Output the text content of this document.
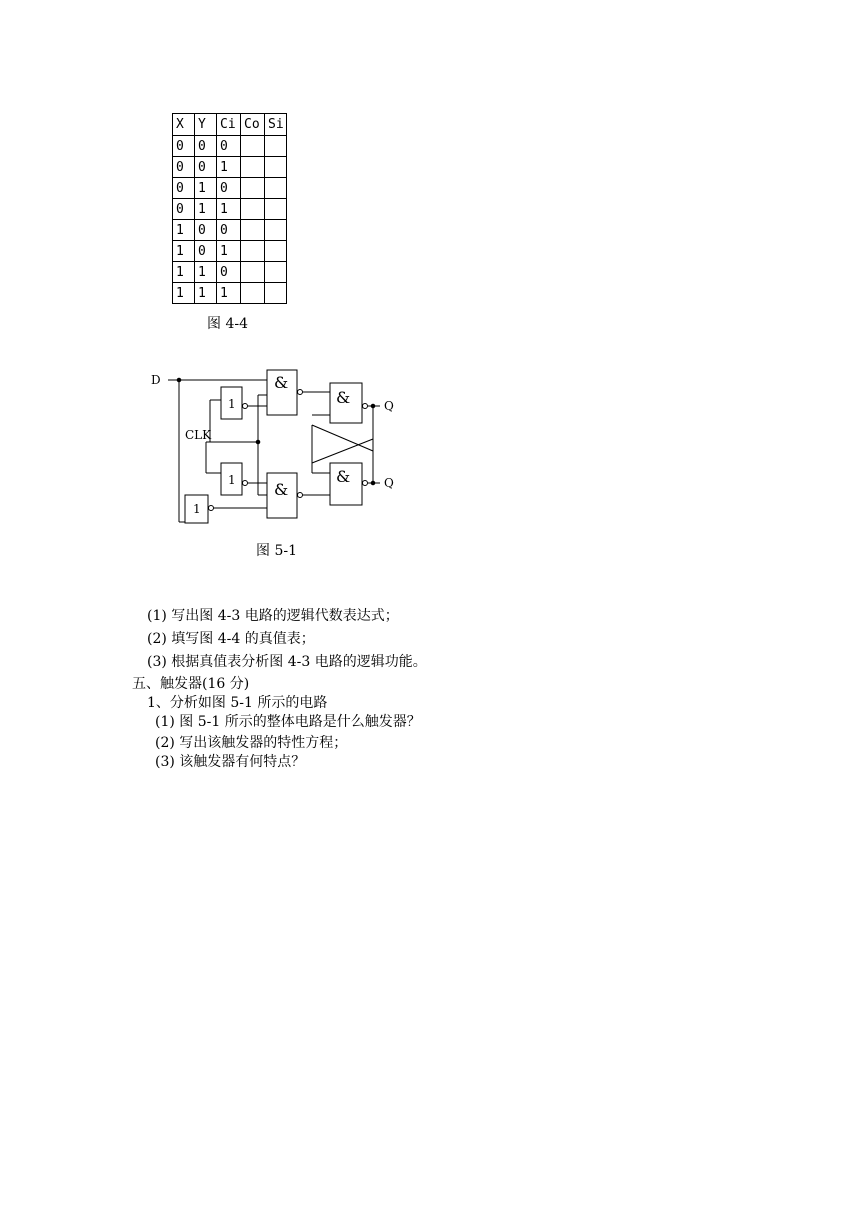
X	Y	Ci	Co	Si
0	0	0		
0	0	1		
0	1	0		
0	1	1		
1	0	0		
1	0	1		
1	1	0		
1	1	1		
图 4-4
D
CLK
Q
Q
1
1
1
&
&
&
&
图 5-1
(1) 写出图 4-3 电路的逻辑代数表达式；
(2) 填写图 4-4 的真值表；
(3) 根据真值表分析图 4-3 电路的逻辑功能。
五、触发器(16 分)
1、分析如图 5-1 所示的电路
(1) 图 5-1 所示的整体电路是什么触发器？
(2) 写出该触发器的特性方程；
(3) 该触发器有何特点？
